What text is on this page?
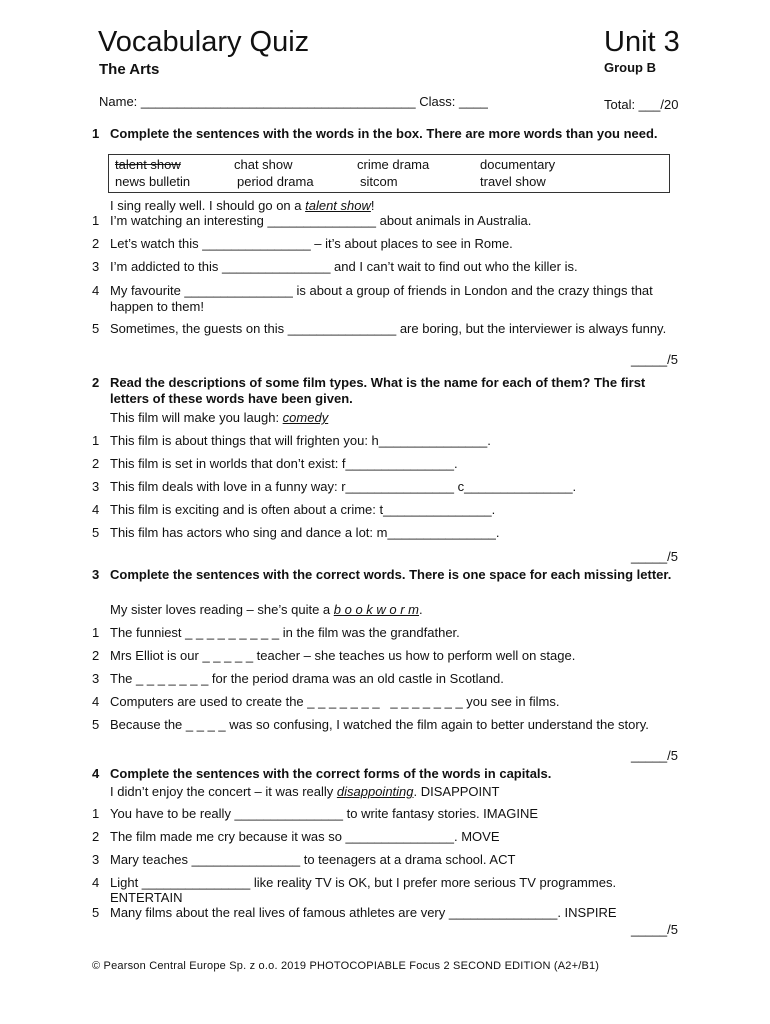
Vocabulary Quiz	Unit 3
The Arts	Group B
Name: ______________________________________ Class: ____	Total: ___/20
1 Complete the sentences with the words in the box. There are more words than you need.
talent show	chat show	crime drama	documentary
news bulletin	period drama	sitcom	travel show
I sing really well. I should go on a talent show!
1 I’m watching an interesting _______________ about animals in Australia.
2 Let’s watch this _______________ – it’s about places to see in Rome.
3 I’m addicted to this _______________ and I can’t wait to find out who the killer is.
4 My favourite _______________ is about a group of friends in London and the crazy things that happen to them!
5 Sometimes, the guests on this _______________ are boring, but the interviewer is always funny.
_____/5
2 Read the descriptions of some film types. What is the name for each of them? The first letters of these words have been given.
This film will make you laugh: comedy
1 This film is about things that will frighten you: h_______________.
2 This film is set in worlds that don’t exist: f_______________.
3 This film deals with love in a funny way: r_______________ c_______________.
4 This film is exciting and is often about a crime: t_______________.
5 This film has actors who sing and dance a lot: m_______________.
_____/5
3 Complete the sentences with the correct words. There is one space for each missing letter.
My sister loves reading – she’s quite a b o o k w o r m.
1 The funniest _ _ _ _ _ _ _ _ _ in the film was the grandfather.
2 Mrs Elliot is our _ _ _ _ _ teacher – she teaches us how to perform well on stage.
3 The _ _ _ _ _ _ _ for the period drama was an old castle in Scotland.
4 Computers are used to create the _ _ _ _ _ _ _   _ _ _ _ _ _ _ you see in films.
5 Because the _ _ _ _ was so confusing, I watched the film again to better understand the story.
_____/5
4 Complete the sentences with the correct forms of the words in capitals.
I didn’t enjoy the concert – it was really disappointing. DISAPPOINT
1 You have to be really _______________ to write fantasy stories. IMAGINE
2 The film made me cry because it was so _______________. MOVE
3 Mary teaches _______________ to teenagers at a drama school. ACT
4 Light _______________ like reality TV is OK, but I prefer more serious TV programmes. ENTERTAIN
5 Many films about the real lives of famous athletes are very _______________. INSPIRE
_____/5
© Pearson Central Europe Sp. z o.o. 2019 PHOTOCOPIABLE Focus 2 SECOND EDITION (A2+/B1)
